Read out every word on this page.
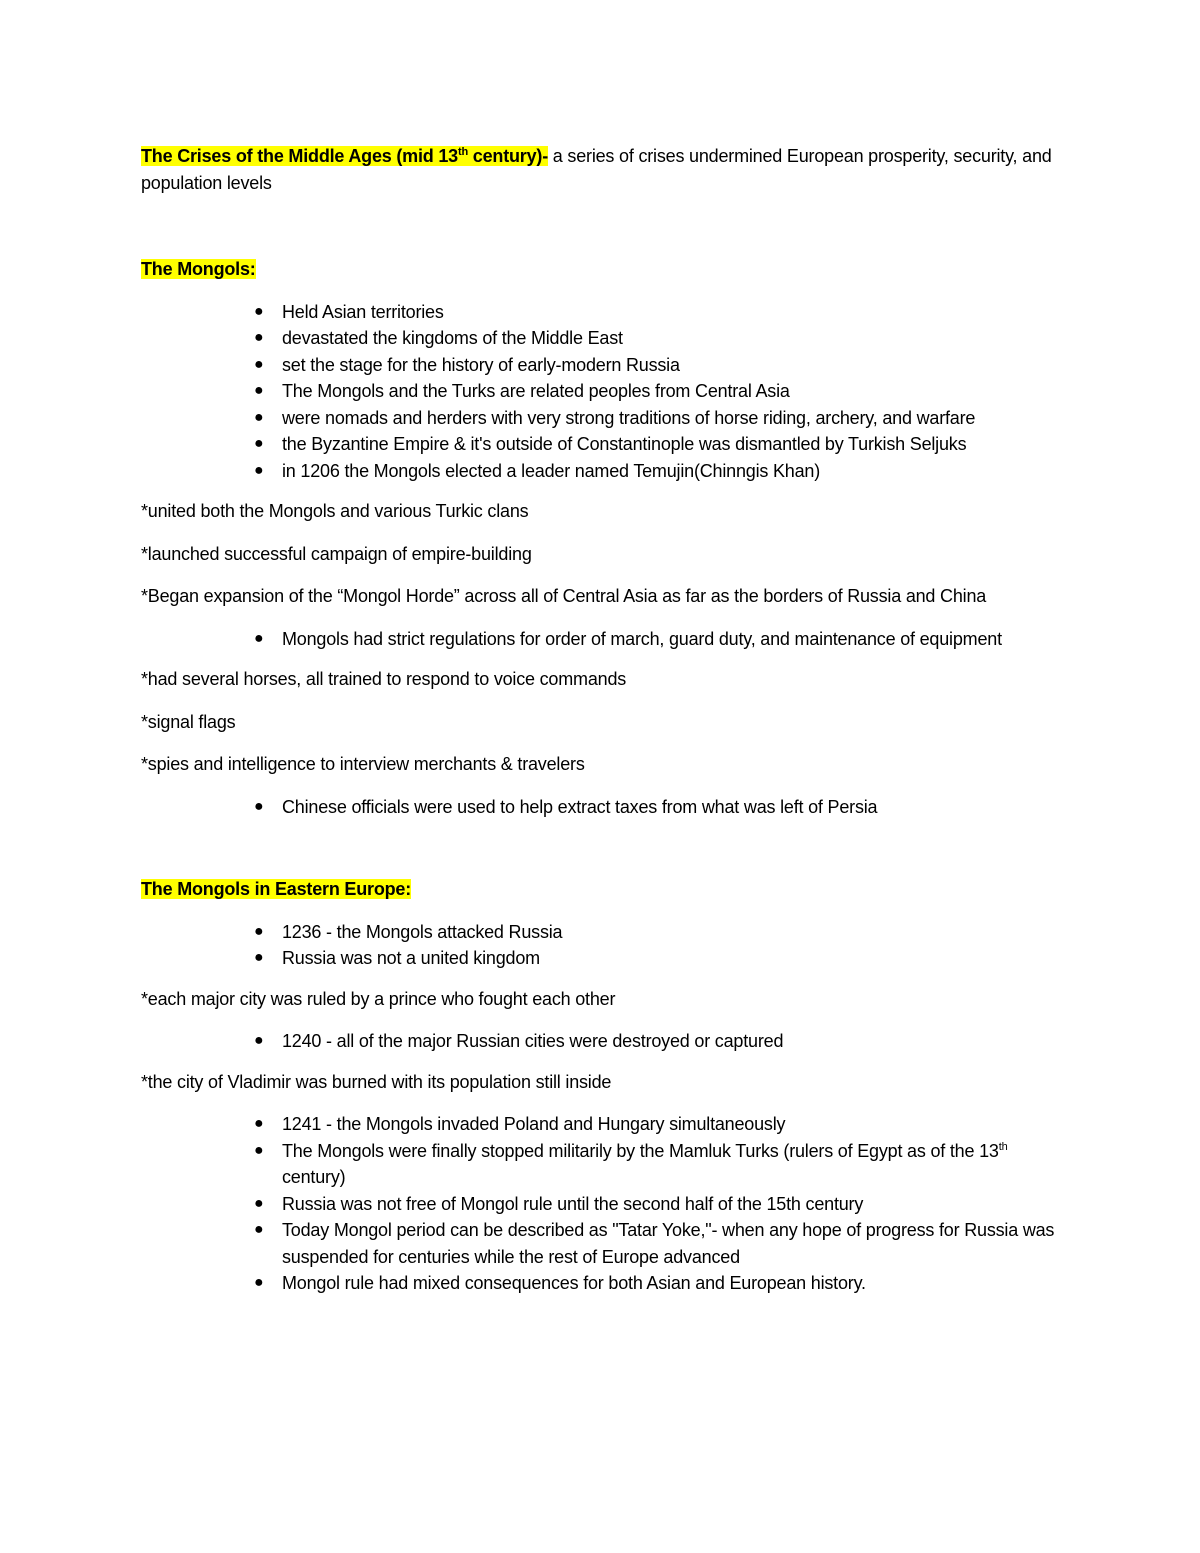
The Crises of the Middle Ages (mid 13th century)- a series of crises undermined European prosperity, security, and population levels

The Mongols:

● Held Asian territories
● devastated the kingdoms of the Middle East
● set the stage for the history of early-modern Russia
● The Mongols and the Turks are related peoples from Central Asia
● were nomads and herders with very strong traditions of horse riding, archery, and warfare
● the Byzantine Empire & it's outside of Constantinople was dismantled by Turkish Seljuks
● in 1206 the Mongols elected a leader named Temujin(Chinngis Khan)

*united both the Mongols and various Turkic clans

*launched successful campaign of empire-building

*Began expansion of the “Mongol Horde” across all of Central Asia as far as the borders of Russia and China

● Mongols had strict regulations for order of march, guard duty, and maintenance of equipment

*had several horses, all trained to respond to voice commands

*signal flags

*spies and intelligence to interview merchants & travelers

● Chinese officials were used to help extract taxes from what was left of Persia

The Mongols in Eastern Europe:

● 1236 - the Mongols attacked Russia
● Russia was not a united kingdom

*each major city was ruled by a prince who fought each other

● 1240 - all of the major Russian cities were destroyed or captured

*the city of Vladimir was burned with its population still inside

● 1241 - the Mongols invaded Poland and Hungary simultaneously
● The Mongols were finally stopped militarily by the Mamluk Turks (rulers of Egypt as of the 13th century)
● Russia was not free of Mongol rule until the second half of the 15th century
● Today Mongol period can be described as "Tatar Yoke,"- when any hope of progress for Russia was suspended for centuries while the rest of Europe advanced
● Mongol rule had mixed consequences for both Asian and European history.
